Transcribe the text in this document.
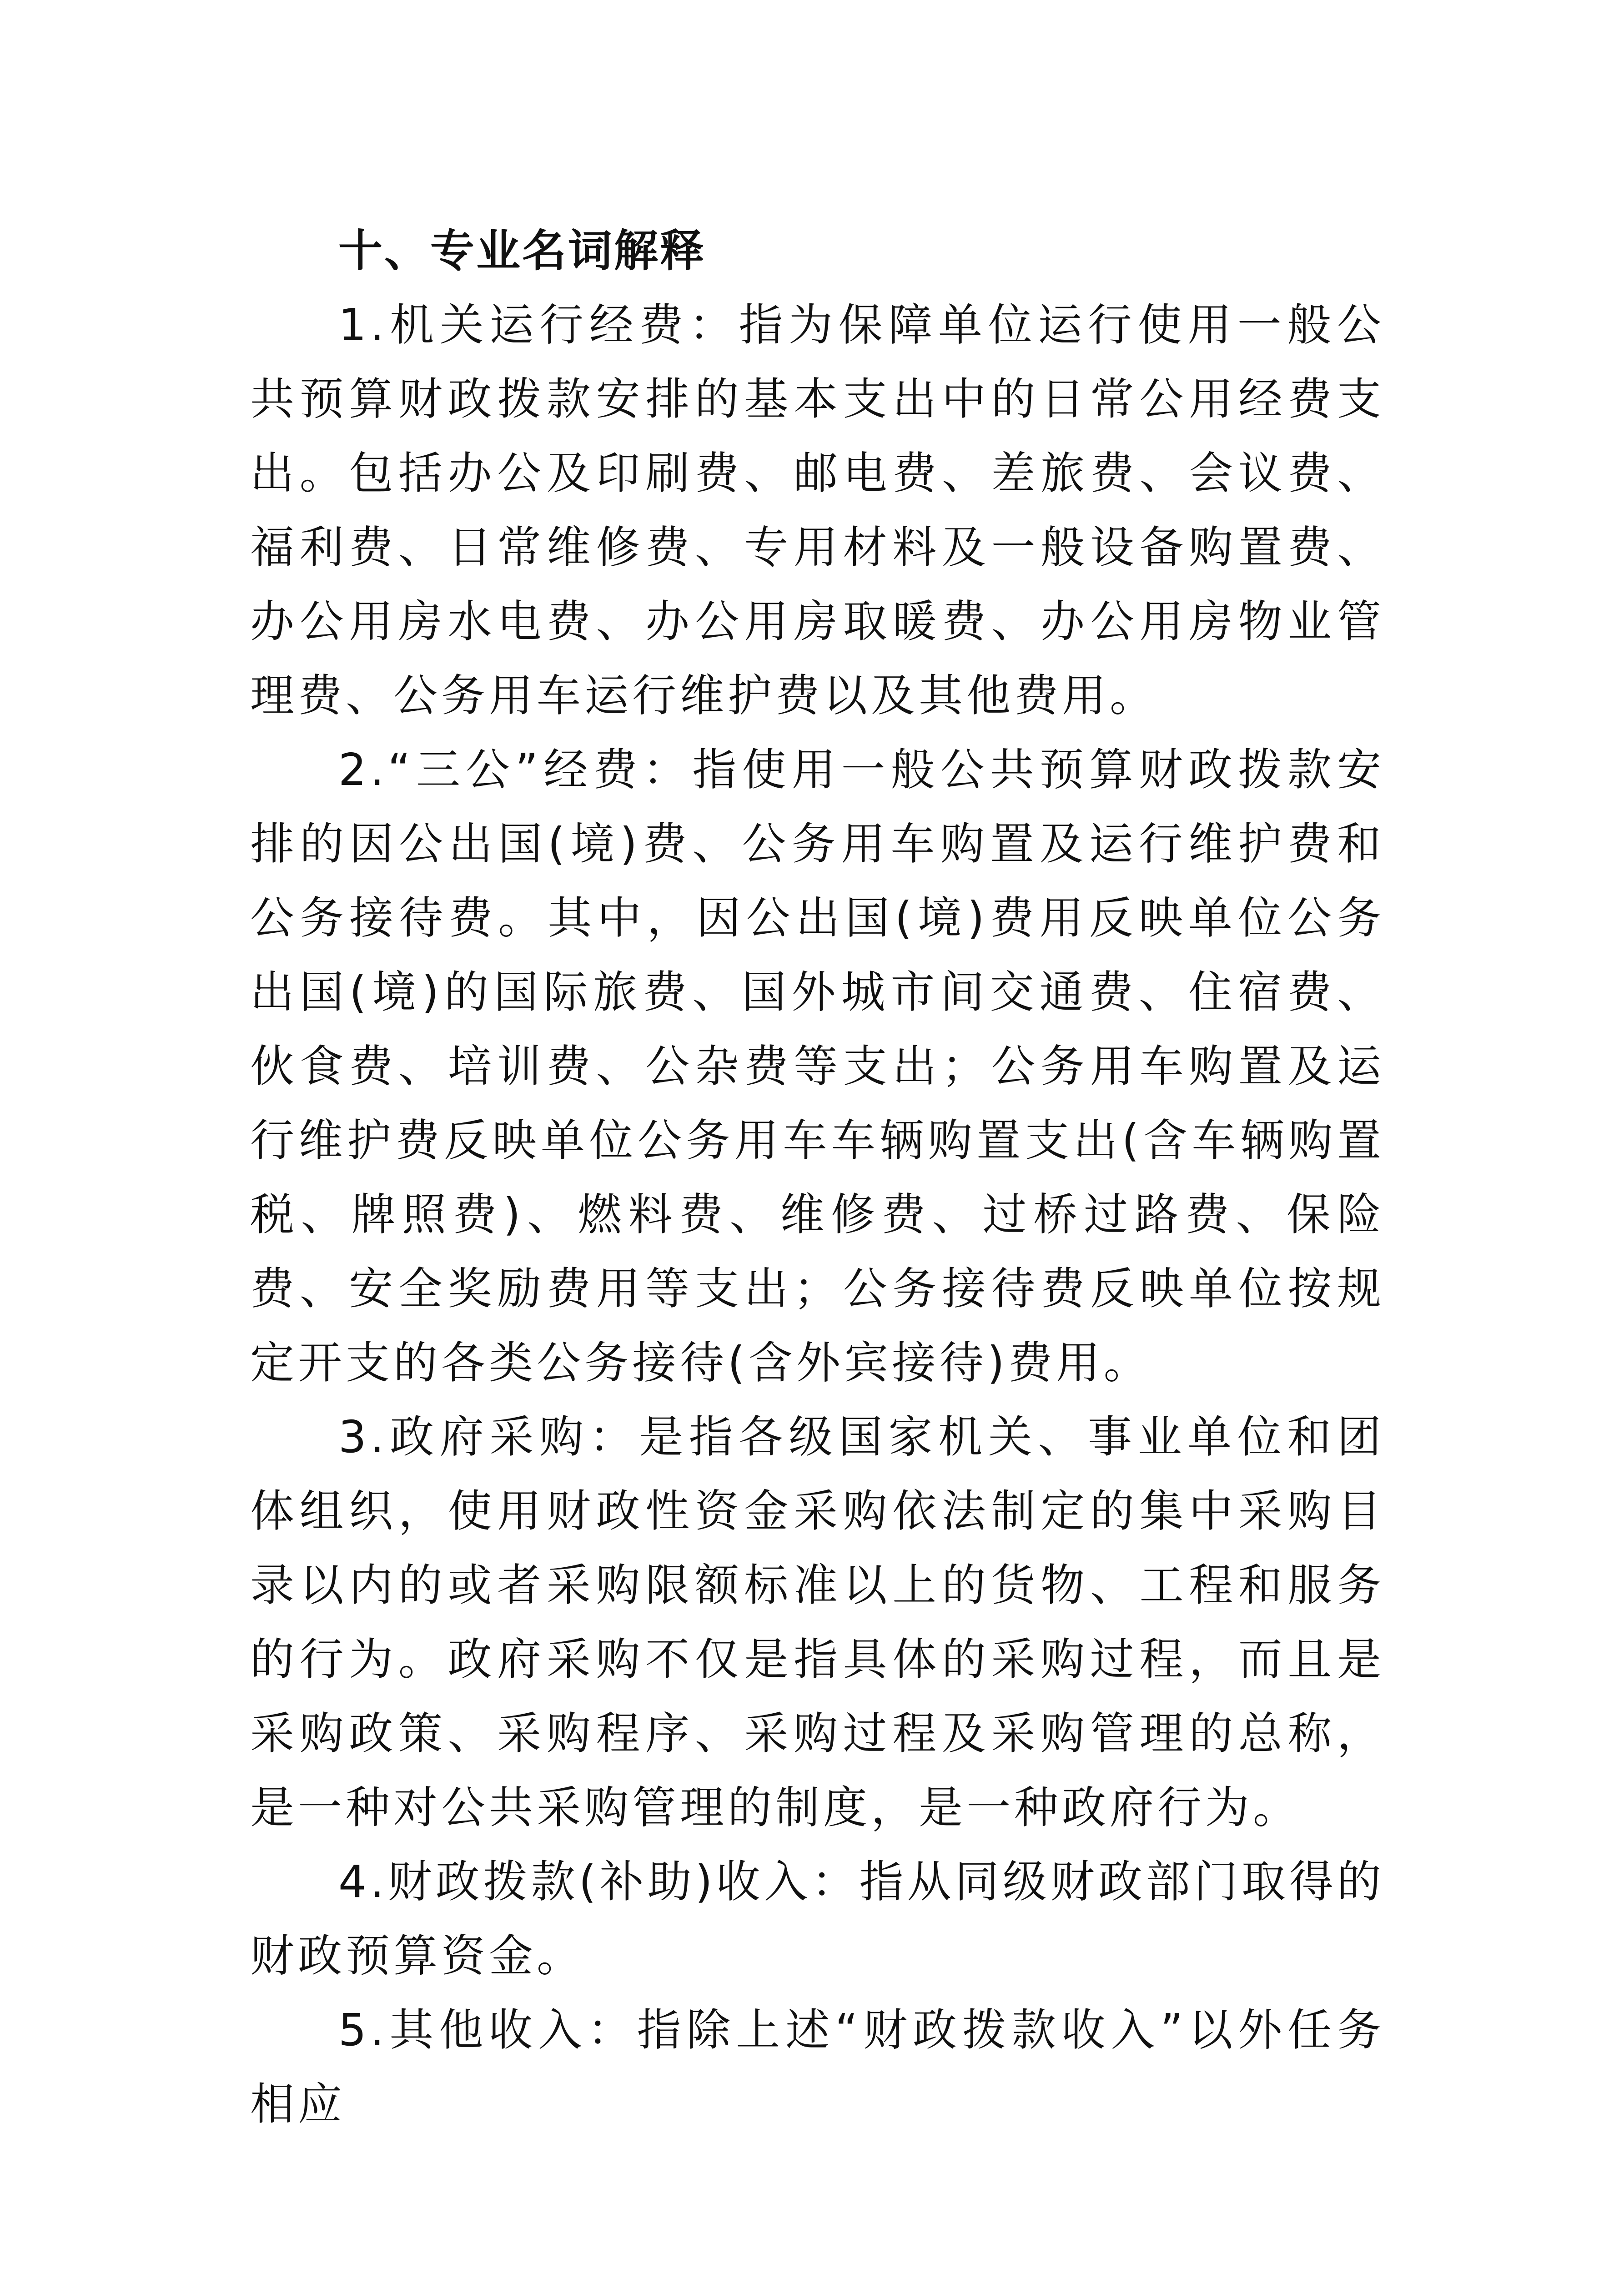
十、专业名词解释

1.机关运行经费：指为保障单位运行使用一般公共预算财政拨款安排的基本支出中的日常公用经费支出。包括办公及印刷费、邮电费、差旅费、会议费、福利费、日常维修费、专用材料及一般设备购置费、办公用房水电费、办公用房取暖费、办公用房物业管理费、公务用车运行维护费以及其他费用。

2.“三公”经费：指使用一般公共预算财政拨款安排的因公出国(境)费、公务用车购置及运行维护费和公务接待费。其中，因公出国(境)费用反映单位公务出国(境)的国际旅费、国外城市间交通费、住宿费、伙食费、培训费、公杂费等支出；公务用车购置及运行维护费反映单位公务用车车辆购置支出(含车辆购置税、牌照费)、燃料费、维修费、过桥过路费、保险费、安全奖励费用等支出；公务接待费反映单位按规定开支的各类公务接待(含外宾接待)费用。

3.政府采购：是指各级国家机关、事业单位和团体组织，使用财政性资金采购依法制定的集中采购目录以内的或者采购限额标准以上的货物、工程和服务的行为。政府采购不仅是指具体的采购过程，而且是采购政策、采购程序、采购过程及采购管理的总称，是一种对公共采购管理的制度，是一种政府行为。

4.财政拨款(补助)收入：指从同级财政部门取得的财政预算资金。

5.其他收入：指除上述“财政拨款收入”以外任务相应
